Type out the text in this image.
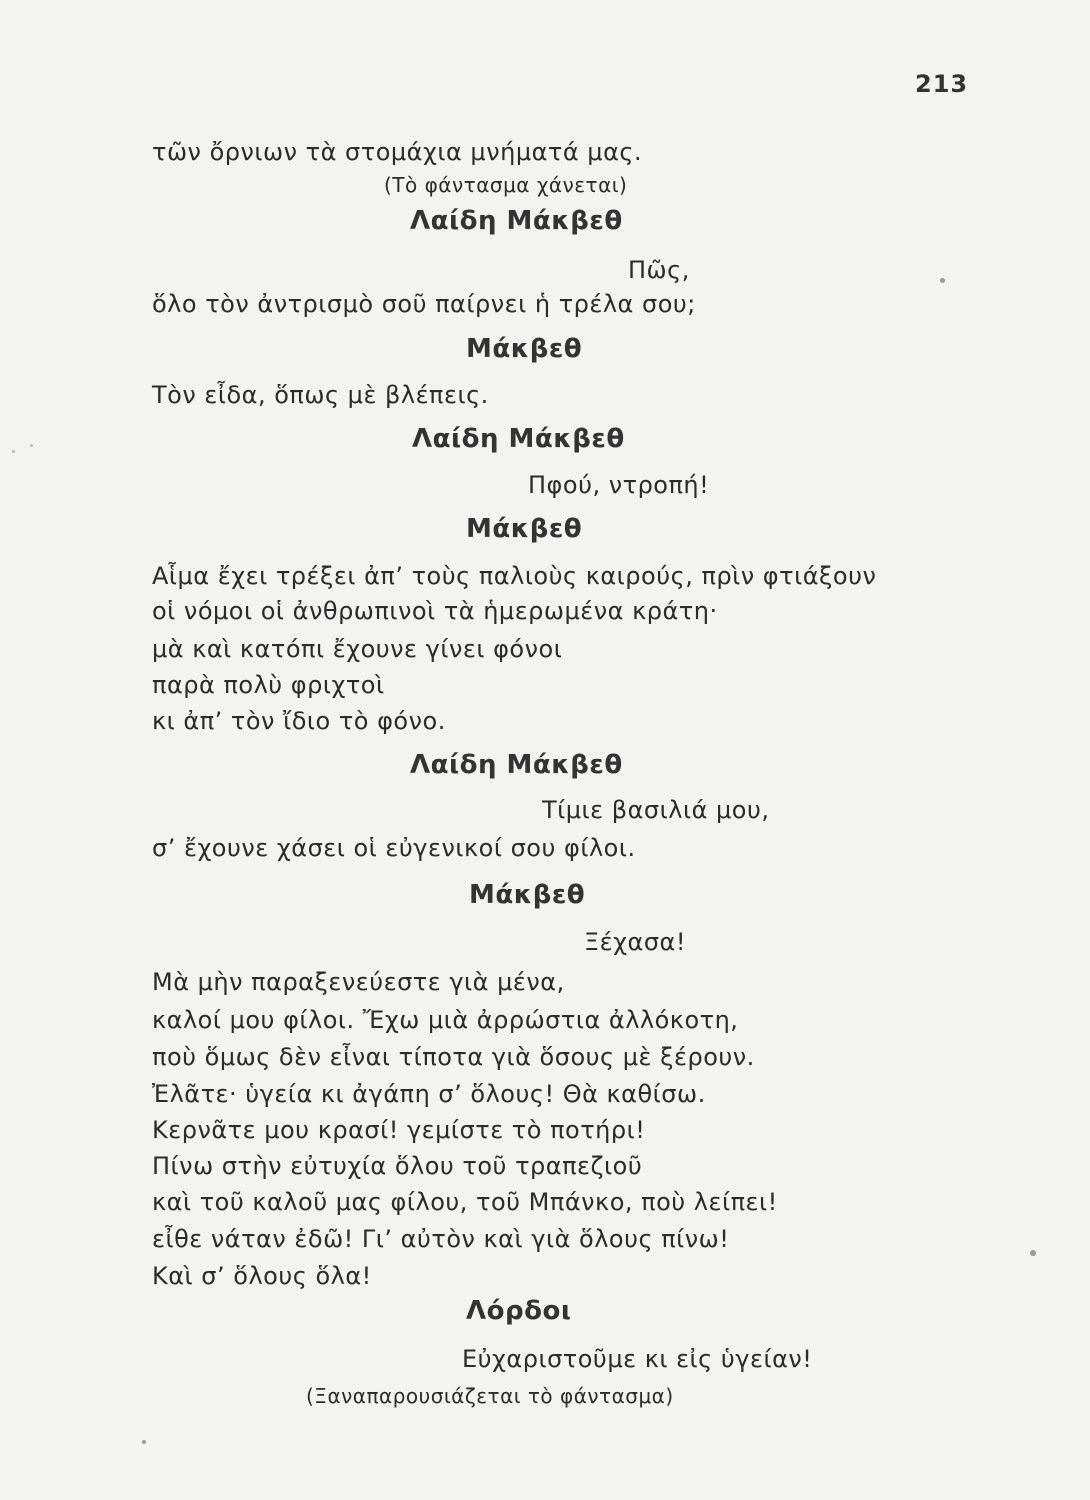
213
τῶν ὄρνιων τὰ στομάχια μνήματά μας.
(Τὸ φάντασμα χάνεται)
Λαίδη Μάκβεθ
Πῶς,
ὅλο τὸν ἀντρισμὸ σοῦ παίρνει ἡ τρέλα σου;
Μάκβεθ
Τὸν εἶδα, ὅπως μὲ βλέπεις.
Λαίδη Μάκβεθ
Πφού, ντροπή!
Μάκβεθ
Αἷμα ἔχει τρέξει ἀπ’ τοὺς παλιοὺς καιρούς, πρὶν φτιάξουν
οἱ νόμοι οἱ ἀνθρωπινοὶ τὰ ἡμερωμένα κράτη·
μὰ καὶ κατόπι ἔχουνε γίνει φόνοι
παρὰ πολὺ φριχτοὶ
κι ἀπ’ τὸν ἴδιο τὸ φόνο.
Λαίδη Μάκβεθ
Τίμιε βασιλιά μου,
σ’ ἔχουνε χάσει οἱ εὐγενικοί σου φίλοι.
Μάκβεθ
Ξέχασα!
Μὰ μὴν παραξενεύεστε γιὰ μένα,
καλοί μου φίλοι. Ἔχω μιὰ ἀρρώστια ἀλλόκοτη,
ποὺ ὅμως δὲν εἶναι τίποτα γιὰ ὅσους μὲ ξέρουν.
Ἐλᾶτε· ὑγεία κι ἀγάπη σ’ ὅλους! Θὰ καθίσω.
Κερνᾶτε μου κρασί! γεμίστε τὸ ποτήρι!
Πίνω στὴν εὐτυχία ὅλου τοῦ τραπεζιοῦ
καὶ τοῦ καλοῦ μας φίλου, τοῦ Μπάνκο, ποὺ λείπει!
εἶθε νάταν ἐδῶ! Γι’ αὐτὸν καὶ γιὰ ὅλους πίνω!
Καὶ σ’ ὅλους ὅλα!
Λόρδοι
Εὐχαριστοῦμε κι εἰς ὑγείαν!
(Ξαναπαρουσιάζεται τὸ φάντασμα)
